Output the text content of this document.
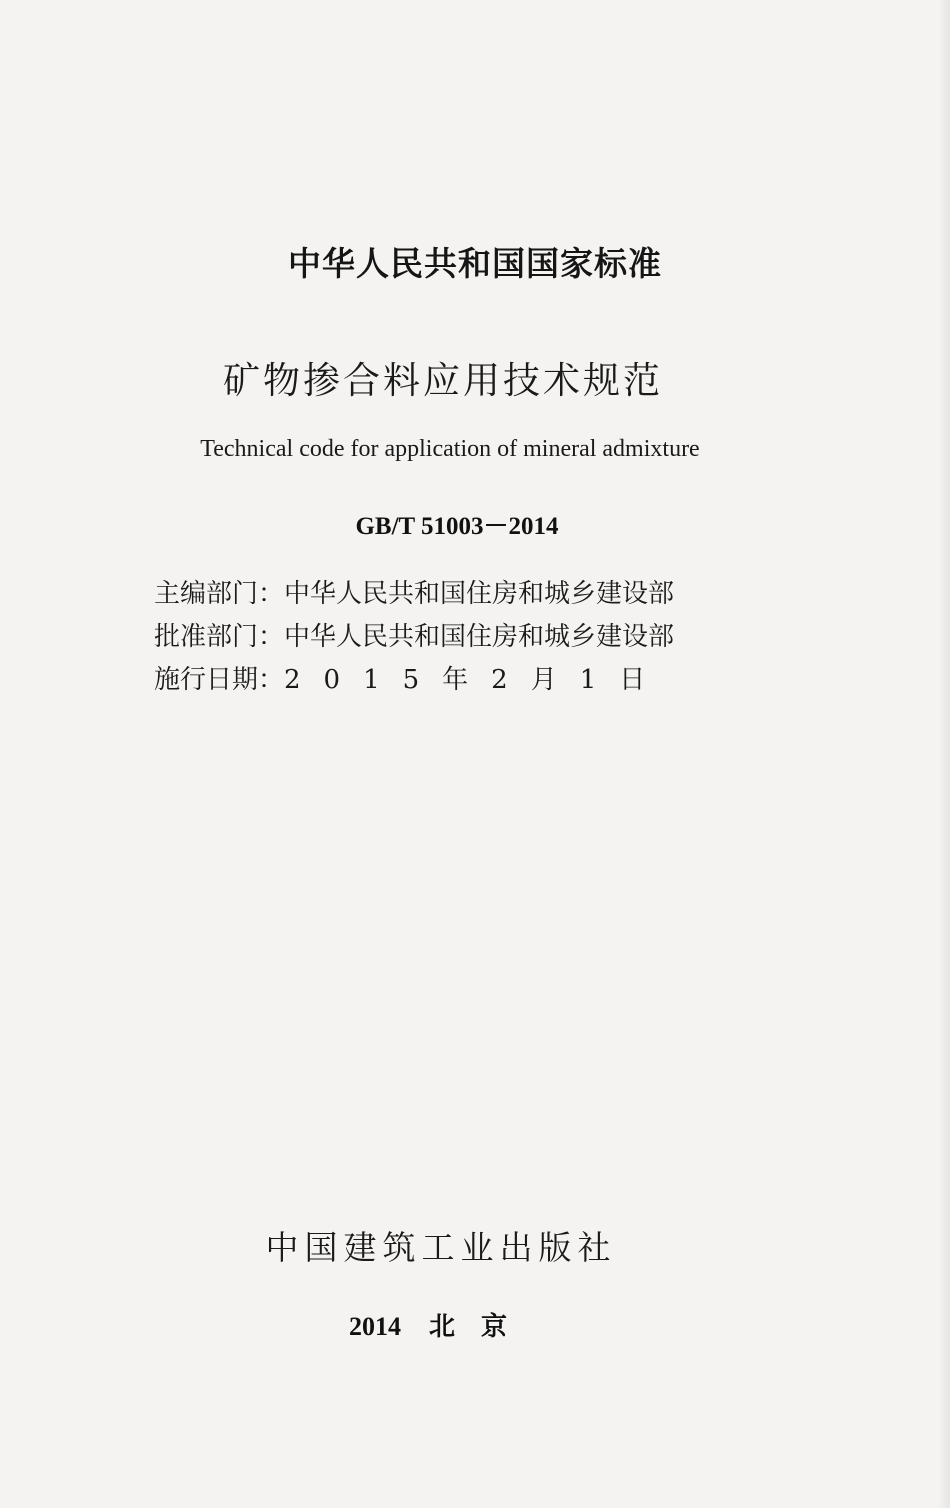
中华人民共和国国家标准
矿物掺合料应用技术规范
Technical code for application of mineral admixture
GB/T 51003－2014
主编部门：中华人民共和国住房和城乡建设部
批准部门：中华人民共和国住房和城乡建设部
施行日期：2015年2月1日
中国建筑工业出版社
2014 北京
